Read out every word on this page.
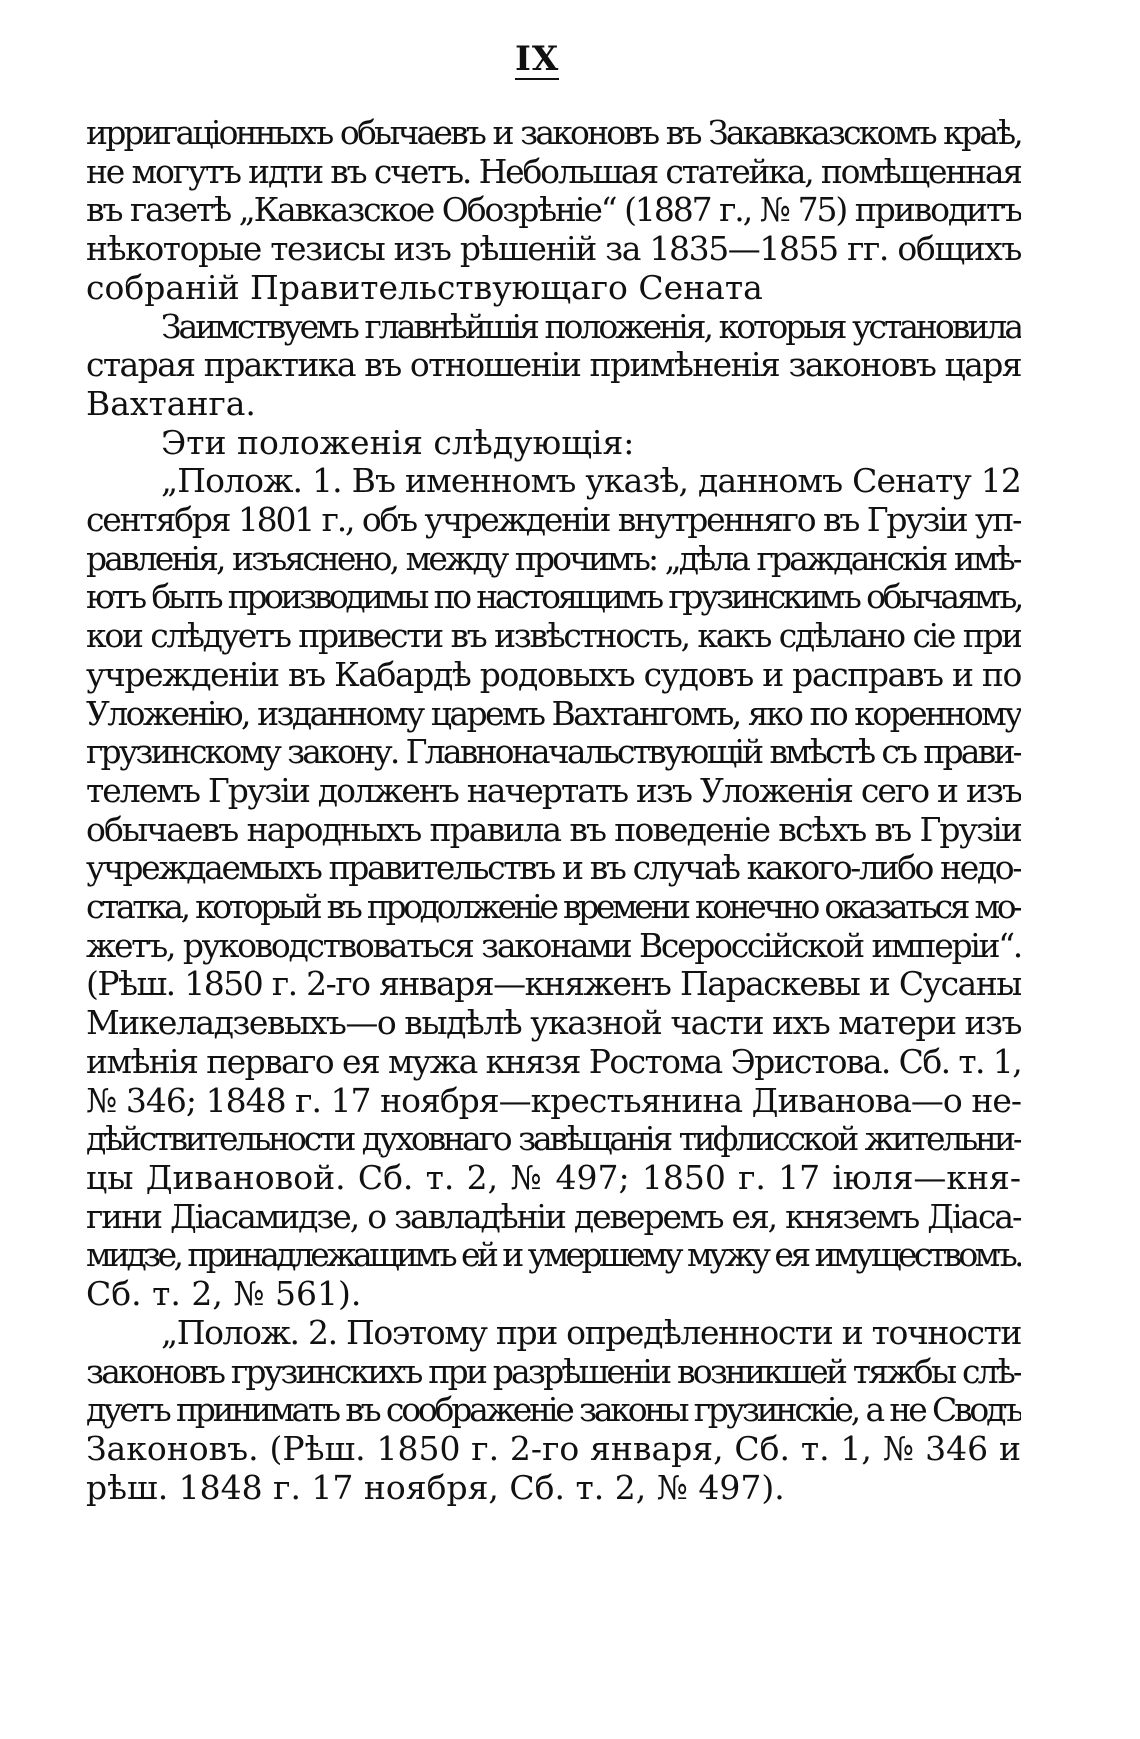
IX
ирригаціонныхъ обычаевъ и законовъ въ Закавказскомъ краѣ,
не могутъ идти въ счетъ. Небольшая статейка, помѣщенная
въ газетѣ „Кавказское Обозрѣніе“ (1887 г., № 75) приводитъ
нѣкоторые тезисы изъ рѣшеній за 1835—1855 гг. общихъ
собраній Правительствующаго Сената
Заимствуемъ главнѣйшія положенія, которыя установила
старая практика въ отношеніи примѣненія законовъ царя
Вахтанга.
Эти положенія слѣдующія:
„Полож. 1. Въ именномъ указѣ, данномъ Сенату 12
сентября 1801 г., объ учрежденіи внутренняго въ Грузіи уп-
равленія, изъяснено, между прочимъ: „дѣла гражданскія имѣ-
ютъ быть производимы по настоящимъ грузинскимъ обычаямъ,
кои слѣдуетъ привести въ извѣстность, какъ сдѣлано сіе при
учрежденіи въ Кабардѣ родовыхъ судовъ и расправъ и по
Уложенію, изданному царемъ Вахтангомъ, яко по коренному
грузинскому закону. Главноначальствующій вмѣстѣ съ прави-
телемъ Грузіи долженъ начертать изъ Уложенія сего и изъ
обычаевъ народныхъ правила въ поведеніе всѣхъ въ Грузіи
учреждаемыхъ правительствъ и въ случаѣ какого-либо недо-
статка, который въ продолженіе времени конечно оказаться мо-
жетъ, руководствоваться законами Всероссійской имперіи“.
(Рѣш. 1850 г. 2-го января—княженъ Параскевы и Сусаны
Микеладзевыхъ—о выдѣлѣ указной части ихъ матери изъ
имѣнія перваго ея мужа князя Ростома Эристова. Сб. т. 1,
№ 346; 1848 г. 17 ноября—крестьянина Диванова—о не-
дѣйствительности духовнаго завѣщанія тифлисской жительни-
цы Дивановой. Сб. т. 2, № 497; 1850 г. 17 іюля—кня-
гини Діасамидзе, о завладѣніи деверемъ ея, княземъ Діаса-
мидзе, принадлежащимъ ей и умершему мужу ея имуществомъ.
Сб. т. 2, № 561).
„Полож. 2. Поэтому при опредѣленности и точности
законовъ грузинскихъ при разрѣшеніи возникшей тяжбы слѣ-
дуетъ принимать въ соображеніе законы грузинскіе, а не Сводъ
Законовъ. (Рѣш. 1850 г. 2-го января, Сб. т. 1, № 346 и
рѣш. 1848 г. 17 ноября, Сб. т. 2, № 497).
